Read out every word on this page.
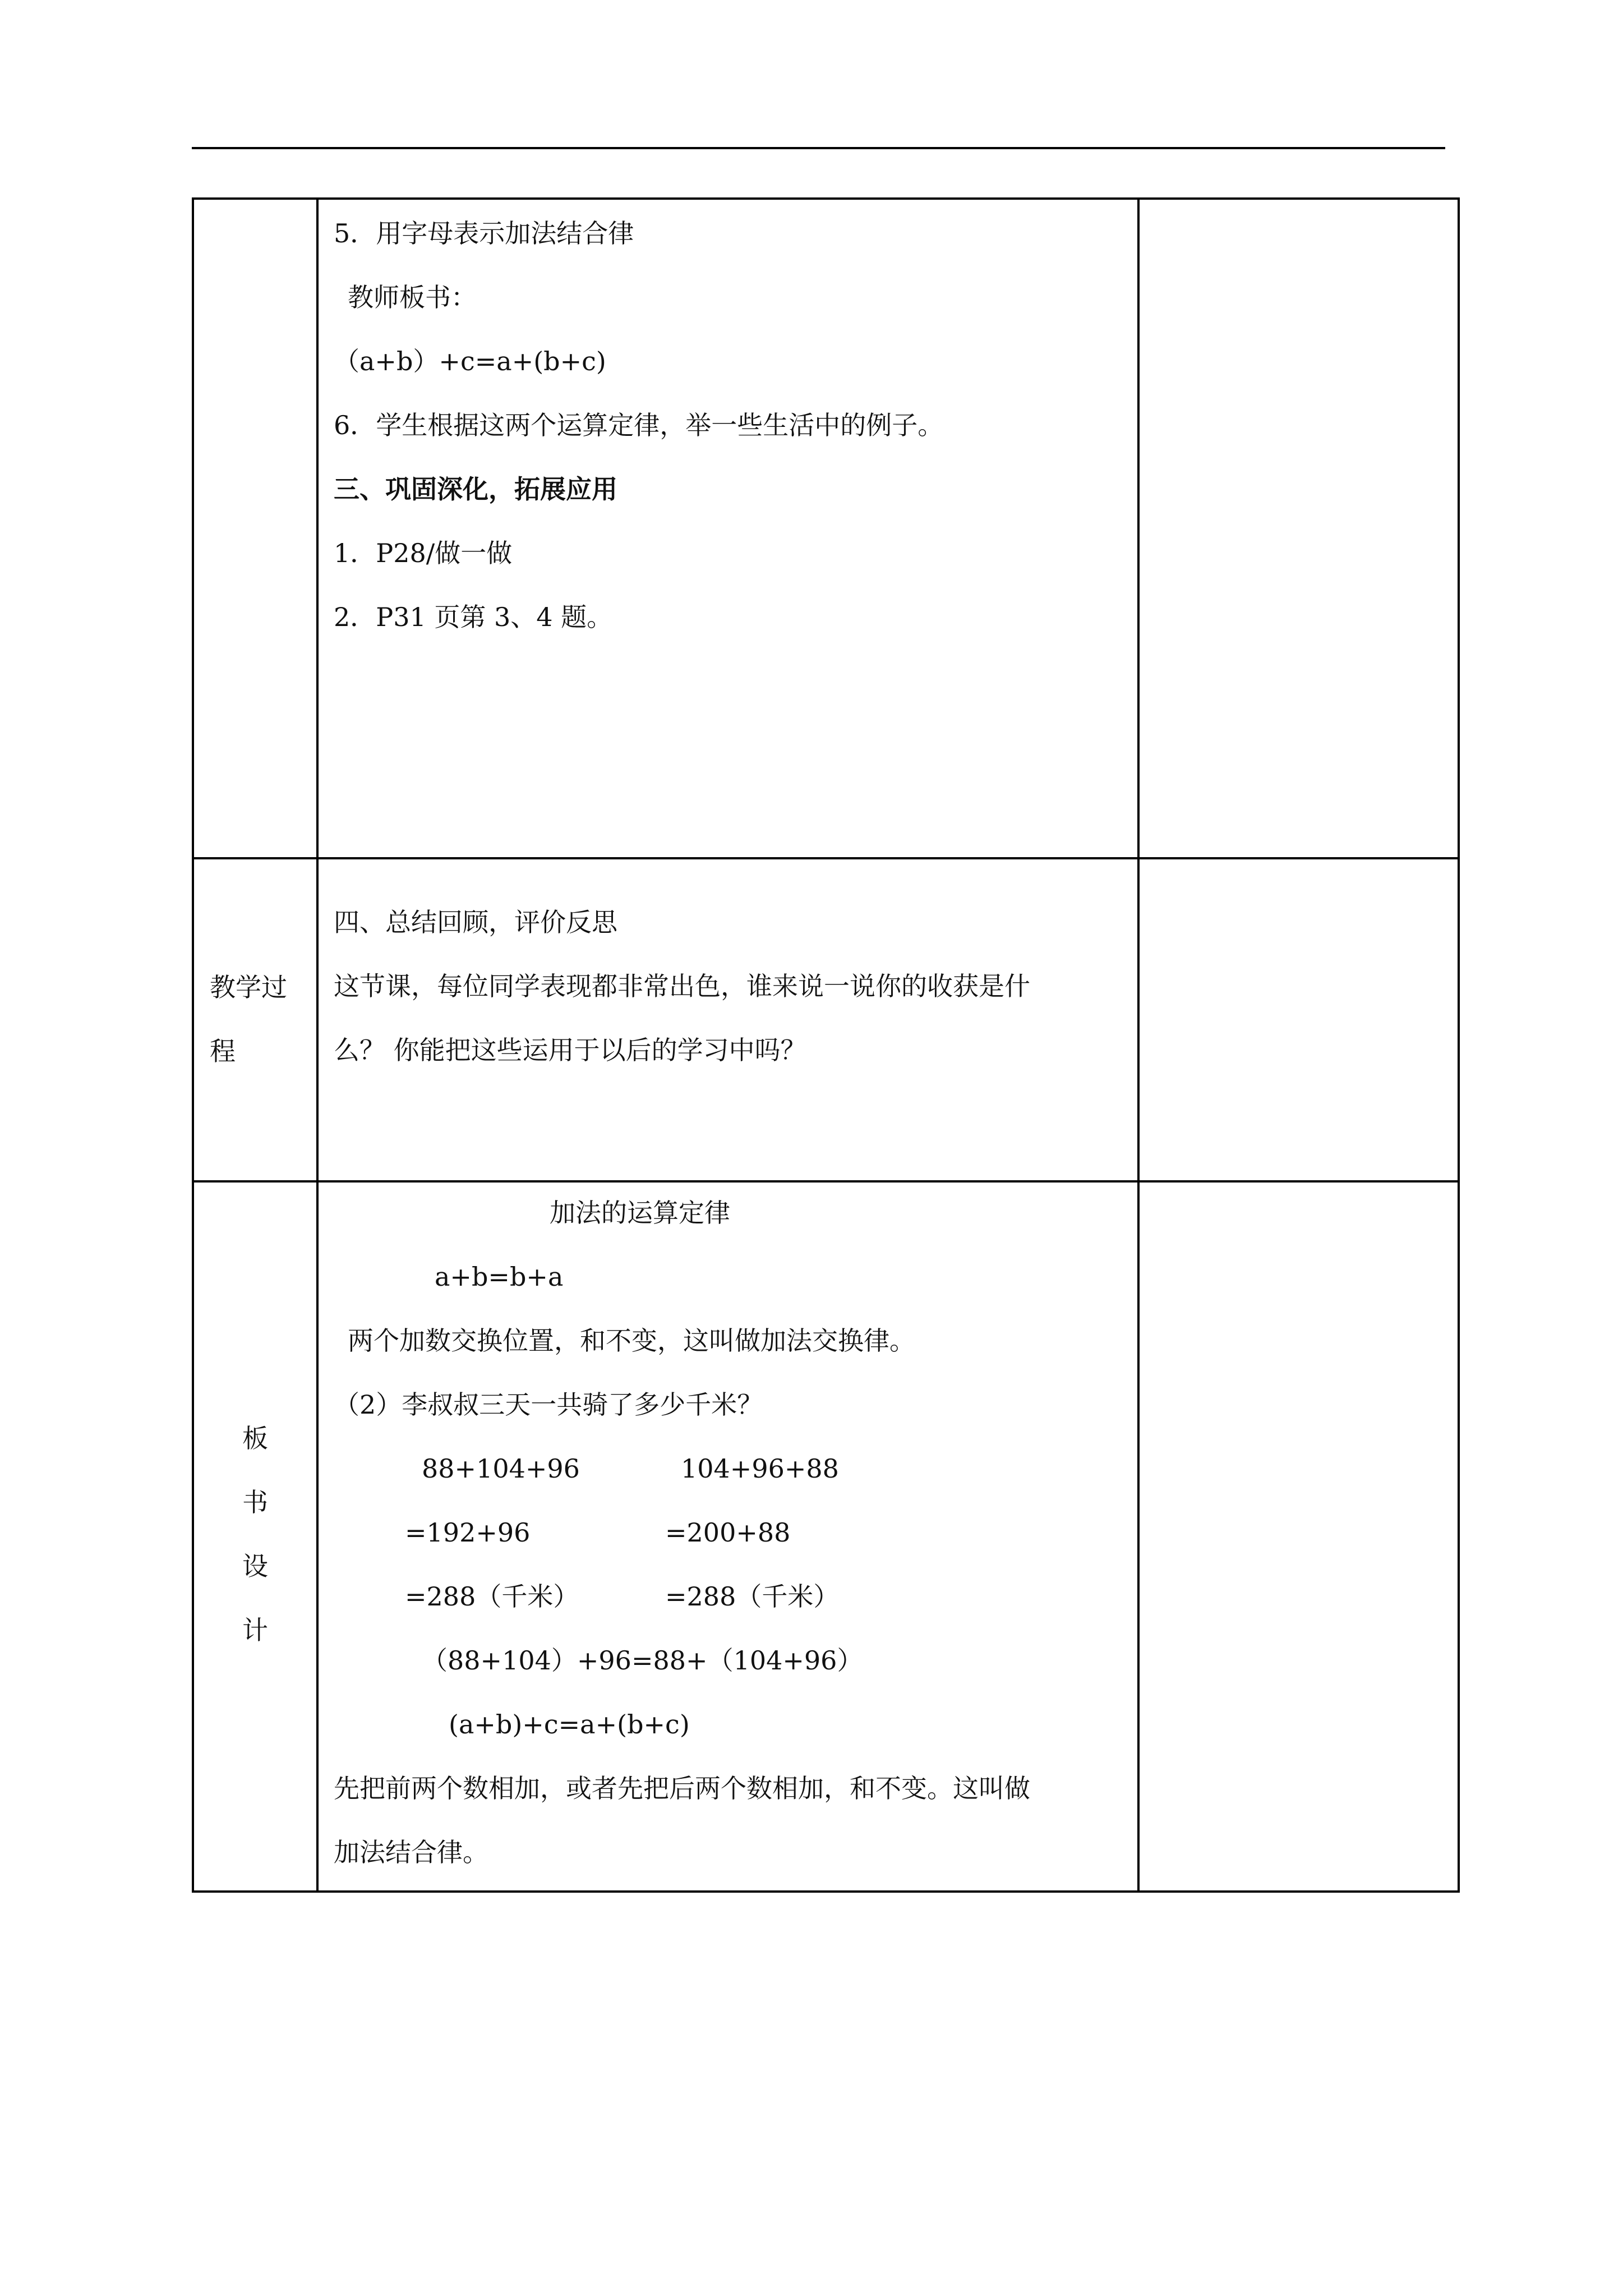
5．用字母表示加法结合律
教师板书：
（a+b）+c=a+(b+c)
6．学生根据这两个运算定律，举一些生活中的例子。
三、巩固深化，拓展应用
1．P28/做一做
2．P31 页第 3、4 题。
教学过
程
四、总结回顾，评价反思
这节课，每位同学表现都非常出色，谁来说一说你的收获是什
么？ 你能把这些运用于以后的学习中吗？
板
书
设
计
加法的运算定律
a+b=b+a
两个加数交换位置，和不变，这叫做加法交换律。
（2）李叔叔三天一共骑了多少千米？
88+104+96
=192+96
=288（千米）
104+96+88
=200+88
=288（千米）
（88+104）+96=88+（104+96）
(a+b)+c=a+(b+c)
先把前两个数相加，或者先把后两个数相加，和不变。这叫做
加法结合律。
